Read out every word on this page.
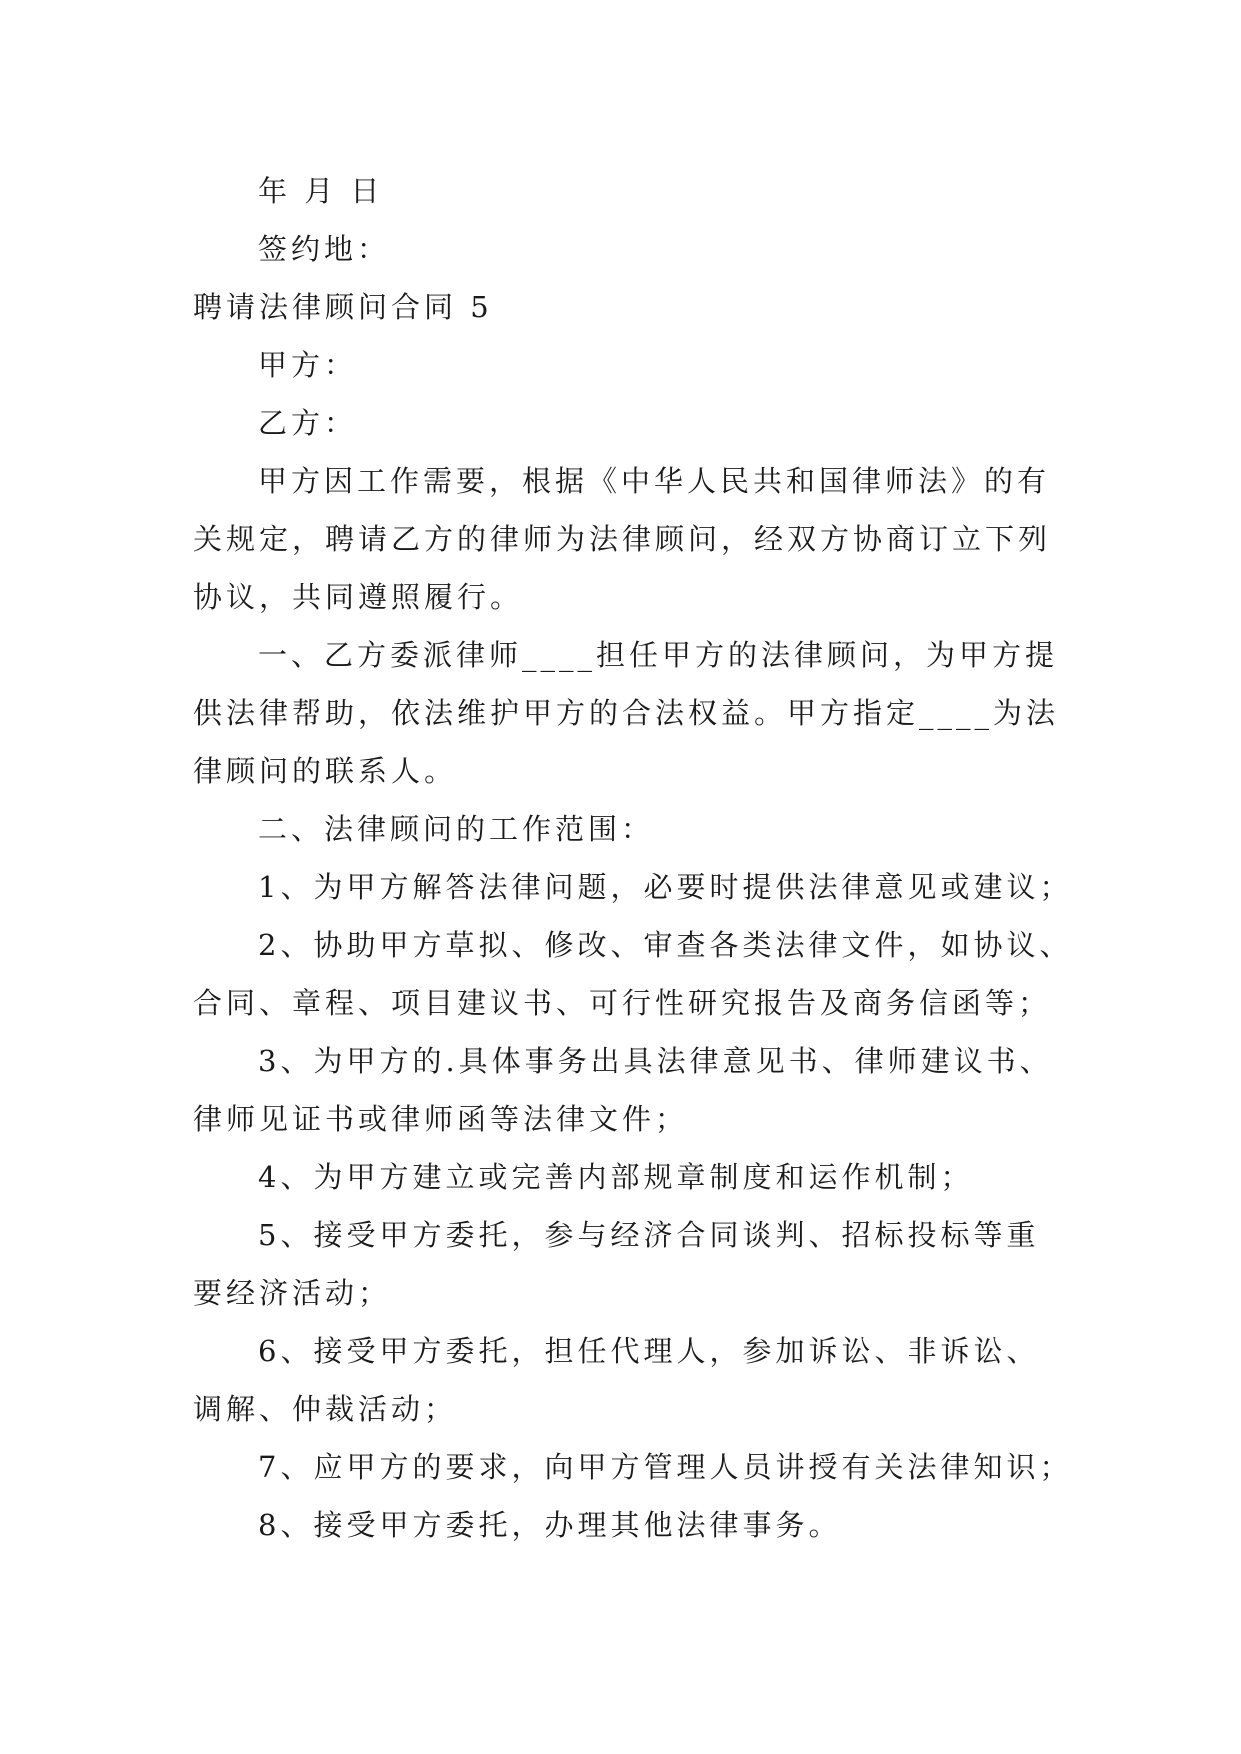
年 月 日
签约地：
聘请法律顾问合同 5
甲方：
乙方：
甲方因工作需要，根据《中华人民共和国律师法》的有
关规定，聘请乙方的律师为法律顾问，经双方协商订立下列
协议，共同遵照履行。
一、乙方委派律师____担任甲方的法律顾问，为甲方提
供法律帮助，依法维护甲方的合法权益。甲方指定____为法
律顾问的联系人。
二、法律顾问的工作范围：
1、为甲方解答法律问题，必要时提供法律意见或建议；
2、协助甲方草拟、修改、审查各类法律文件，如协议、
合同、章程、项目建议书、可行性研究报告及商务信函等；
3、为甲方的.具体事务出具法律意见书、律师建议书、
律师见证书或律师函等法律文件；
4、为甲方建立或完善内部规章制度和运作机制；
5、接受甲方委托，参与经济合同谈判、招标投标等重
要经济活动；
6、接受甲方委托，担任代理人，参加诉讼、非诉讼、
调解、仲裁活动；
7、应甲方的要求，向甲方管理人员讲授有关法律知识；
8、接受甲方委托，办理其他法律事务。
